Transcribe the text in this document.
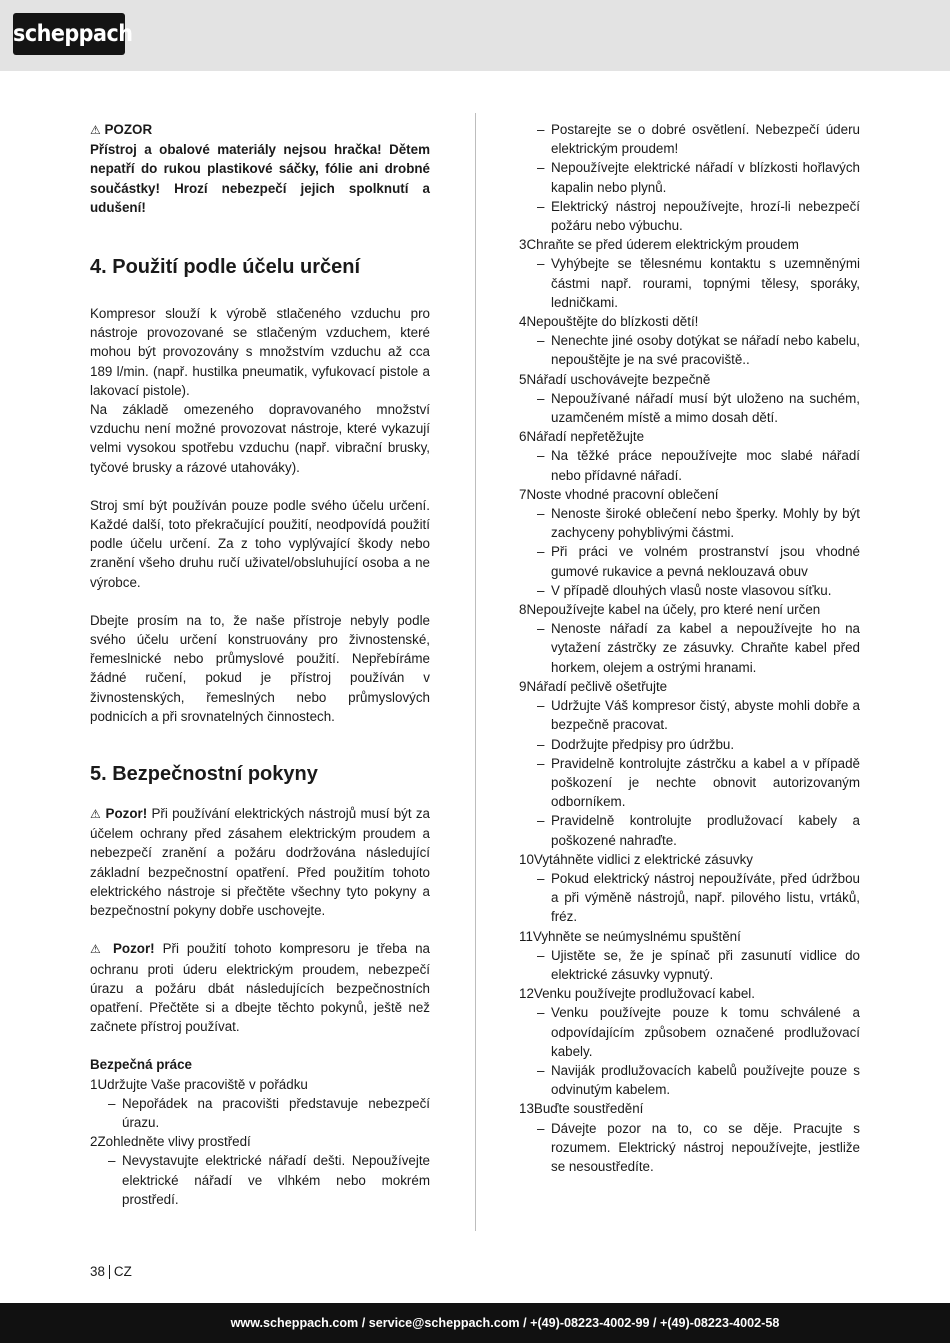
scheppach
⚠ POZOR
Přístroj a obalové materiály nejsou hračka! Dětem nepatří do rukou plastikové sáčky, fólie ani drobné součástky! Hrozí nebezpečí jejich spolknutí a udušení!
4. Použití podle účelu určení

Kompresor slouží k výrobě stlačeného vzduchu pro nástroje provozované se stlačeným vzduchem, které mohou být provozovány s množstvím vzduchu až cca 189 l/min. (např. hustilka pneumatik, vyfukovací pistole a lakovací pistole).

Na základě omezeného dopravovaného množství vzduchu není možné provozovat nástroje, které vykazují velmi vysokou spotřebu vzduchu (např. vibrační brusky, tyčové brusky a rázové utahováky).

Stroj smí být používán pouze podle svého účelu určení. Každé další, toto překračující použití, neodpovídá použití podle účelu určení. Za z toho vyplývající škody nebo zranění všeho druhu ručí uživatel/obsluhující osoba a ne výrobce.

Dbejte prosím na to, že naše přístroje nebyly podle svého účelu určení konstruovány pro živnostenské, řemeslnické nebo průmyslové použití. Nepřebíráme žádné ručení, pokud je přístroj používán v živnostenských, řemeslných nebo průmyslových podnicích a při srovnatelných činnostech.

5. Bezpečnostní pokyny

⚠ Pozor! Při používání elektrických nástrojů musí být za účelem ochrany před zásahem elektrickým proudem a nebezpečí zranění a požáru dodržována následující základní bezpečnostní opatření. Před použitím tohoto elektrického nástroje si přečtěte všechny tyto pokyny a bezpečnostní pokyny dobře uschovejte.

⚠ Pozor! Při použití tohoto kompresoru je třeba na ochranu proti úderu elektrickým proudem, nebezpečí úrazu a požáru dbát následujících bezpečnostních opatření. Přečtěte si a dbejte těchto pokynů, ještě než začnete přístroj používat.

Bezpečná práce
1 Udržujte Vaše pracoviště v pořádku
– Nepořádek na pracovišti představuje nebezpečí úrazu.
2 Zohledněte vlivy prostředí
– Nevystavujte elektrické nářadí dešti. Nepoužívejte elektrické nářadí ve vlhkém nebo mokrém prostředí.
– Postarejte se o dobré osvětlení. Nebezpečí úderu elektrickým proudem!
– Nepoužívejte elektrické nářadí v blízkosti hořlavých kapalin nebo plynů.
– Elektrický nástroj nepoužívejte, hrozí-li nebezpečí požáru nebo výbuchu.
3 Chraňte se před úderem elektrickým proudem
– Vyhýbejte se tělesnému kontaktu s uzemněnými částmi např. rourami, topnými tělesy, sporáky, ledničkami.
4 Nepouštějte do blízkosti dětí!
– Nenechte jiné osoby dotýkat se nářadí nebo kabelu, nepouštějte je na své pracoviště..
5 Nářadí uschovávejte bezpečně
– Nepoužívané nářadí musí být uloženo na suchém, uzamčeném místě a mimo dosah dětí.
6 Nářadí nepřetěžujte
– Na těžké práce nepoužívejte moc slabé nářadí nebo přídavné nářadí.
7 Noste vhodné pracovní oblečení
– Nenoste široké oblečení nebo šperky. Mohly by být zachyceny pohyblivými částmi.
– Při práci ve volném prostranství jsou vhodné gumové rukavice a pevná neklouzavá obuv
– V případě dlouhých vlasů noste vlasovou síťku.
8 Nepoužívejte kabel na účely, pro které není určen
– Nenoste nářadí za kabel a nepoužívejte ho na vytažení zástrčky ze zásuvky. Chraňte kabel před horkem, olejem a ostrými hranami.
9 Nářadí pečlivě ošetřujte
– Udržujte Váš kompresor čistý, abyste mohli dobře a bezpečně pracovat.
– Dodržujte předpisy pro údržbu.
– Pravidelně kontrolujte zástrčku a kabel a v případě poškození je nechte obnovit autorizovaným odborníkem.
– Pravidelně kontrolujte prodlužovací kabely a poškozené nahraďte.
10 Vytáhněte vidlici z elektrické zásuvky
– Pokud elektrický nástroj nepoužíváte, před údržbou a při výměně nástrojů, např. pilového listu, vrtáků, fréz.
11 Vyhněte se neúmyslnému spuštění
– Ujistěte se, že je spínač při zasunutí vidlice do elektrické zásuvky vypnutý.
12 Venku používejte prodlužovací kabel.
– Venku používejte pouze k tomu schválené a odpovídajícím způsobem označené prodlužovací kabely.
– Naviják prodlužovacích kabelů používejte pouze s odvinutým kabelem.
13 Buďte soustředění
– Dávejte pozor na to, co se děje. Pracujte s rozumem. Elektrický nástroj nepoužívejte, jestliže se nesoustředíte.
38 CZ
www.scheppach.com / service@scheppach.com / +(49)-08223-4002-99 / +(49)-08223-4002-58
